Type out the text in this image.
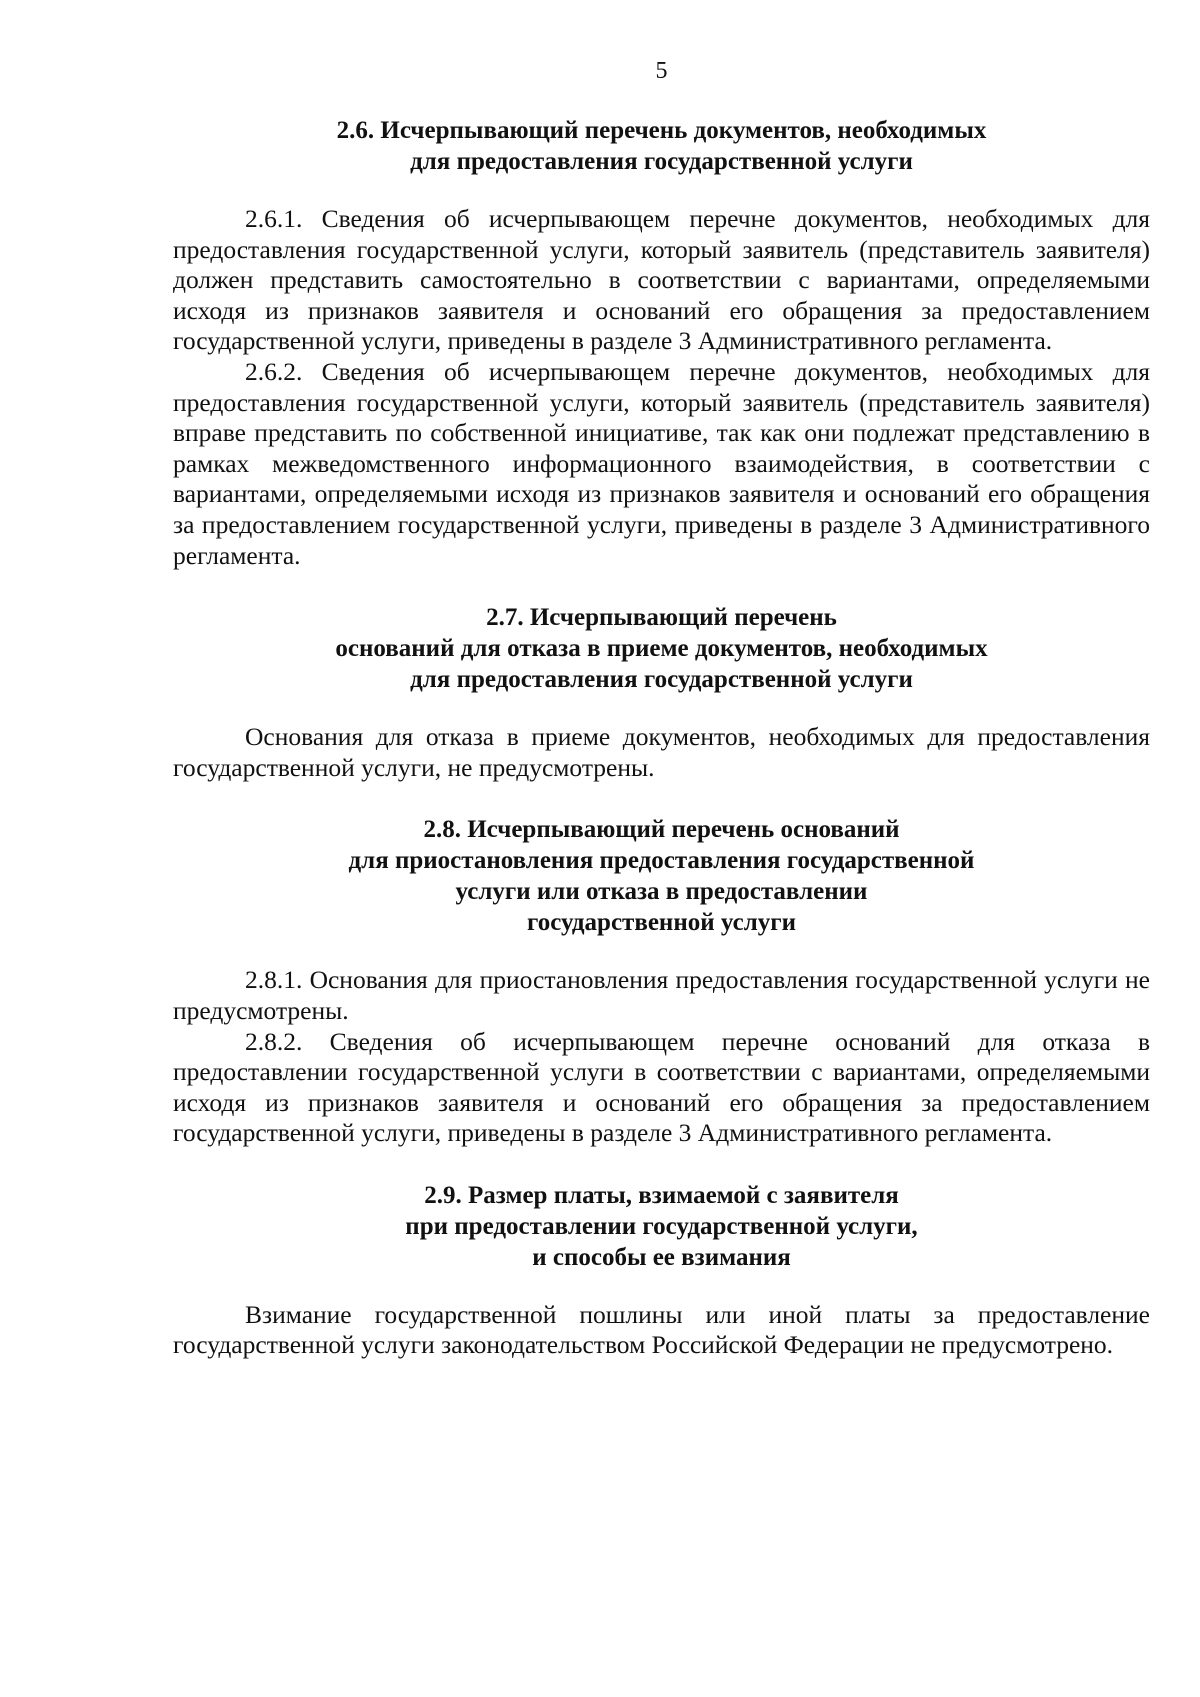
5
2.6. Исчерпывающий перечень документов, необходимых
для предоставления государственной услуги

2.6.1. Сведения об исчерпывающем перечне документов, необходимых для предоставления государственной услуги, который заявитель (представитель заявителя) должен представить самостоятельно в соответствии с вариантами, определяемыми исходя из признаков заявителя и оснований его обращения за предоставлением государственной услуги, приведены в разделе 3 Административного регламента.

2.6.2. Сведения об исчерпывающем перечне документов, необходимых для предоставления государственной услуги, который заявитель (представитель заявителя) вправе представить по собственной инициативе, так как они подлежат представлению в рамках межведомственного информационного взаимодействия, в соответствии с вариантами, определяемыми исходя из признаков заявителя и оснований его обращения за предоставлением государственной услуги, приведены в разделе 3 Административного регламента.

2.7. Исчерпывающий перечень
оснований для отказа в приеме документов, необходимых
для предоставления государственной услуги

Основания для отказа в приеме документов, необходимых для предоставления государственной услуги, не предусмотрены.

2.8. Исчерпывающий перечень оснований
для приостановления предоставления государственной
услуги или отказа в предоставлении
государственной услуги

2.8.1. Основания для приостановления предоставления государственной услуги не предусмотрены.

2.8.2. Сведения об исчерпывающем перечне оснований для отказа в предоставлении государственной услуги в соответствии с вариантами, определяемыми исходя из признаков заявителя и оснований его обращения за предоставлением государственной услуги, приведены в разделе 3 Административного регламента.

2.9. Размер платы, взимаемой с заявителя
при предоставлении государственной услуги,
и способы ее взимания

Взимание государственной пошлины или иной платы за предоставление государственной услуги законодательством Российской Федерации не предусмотрено.
